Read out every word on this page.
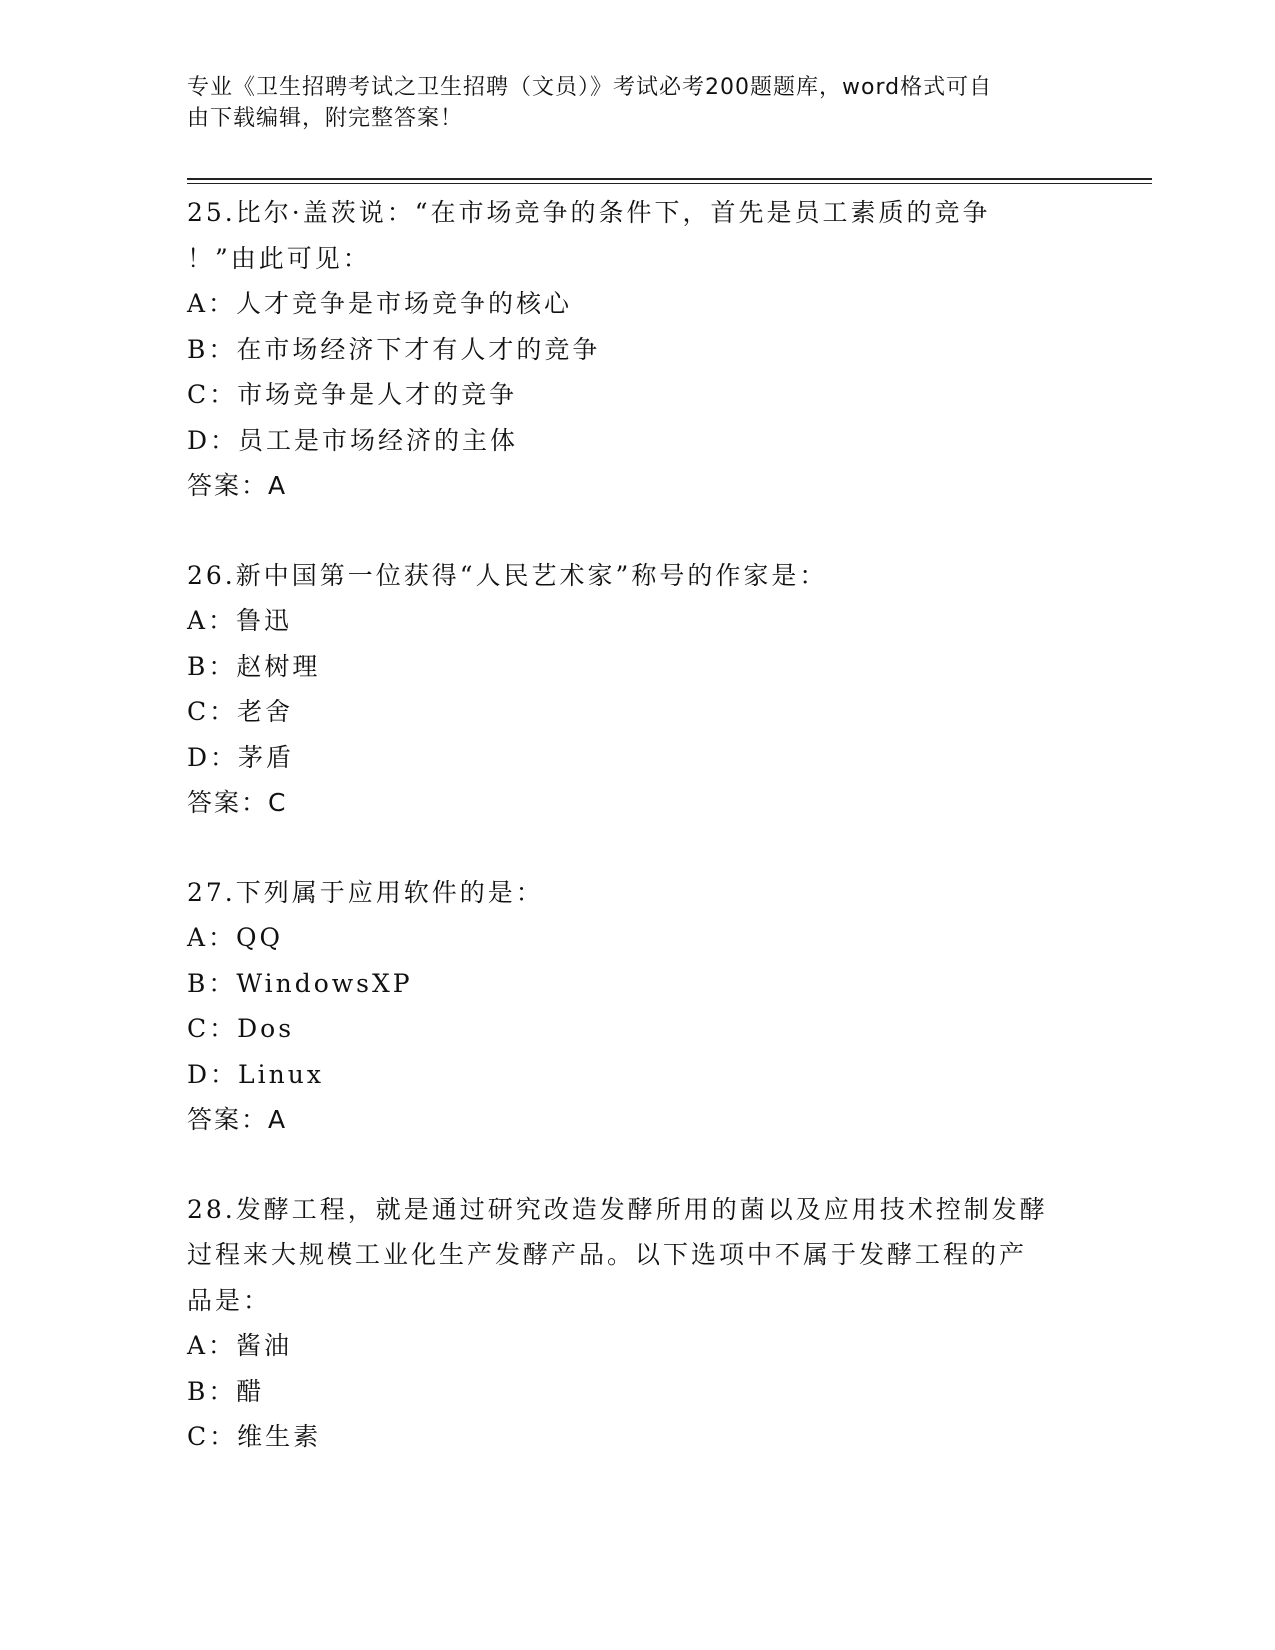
专业《卫生招聘考试之卫生招聘（文员）》考试必考200题题库，word格式可自
由下载编辑，附完整答案！
25.比尔·盖茨说：“在市场竞争的条件下，首先是员工素质的竞争
！”由此可见：
A：人才竞争是市场竞争的核心
B：在市场经济下才有人才的竞争
C：市场竞争是人才的竞争
D：员工是市场经济的主体
答案：A
26.新中国第一位获得“人民艺术家”称号的作家是：
A：鲁迅
B：赵树理
C：老舍
D：茅盾
答案：C
27.下列属于应用软件的是：
A：QQ
B：WindowsXP
C：Dos
D：Linux
答案：A
28.发酵工程，就是通过研究改造发酵所用的菌以及应用技术控制发酵
过程来大规模工业化生产发酵产品。以下选项中不属于发酵工程的产
品是：
A：酱油
B：醋
C：维生素
